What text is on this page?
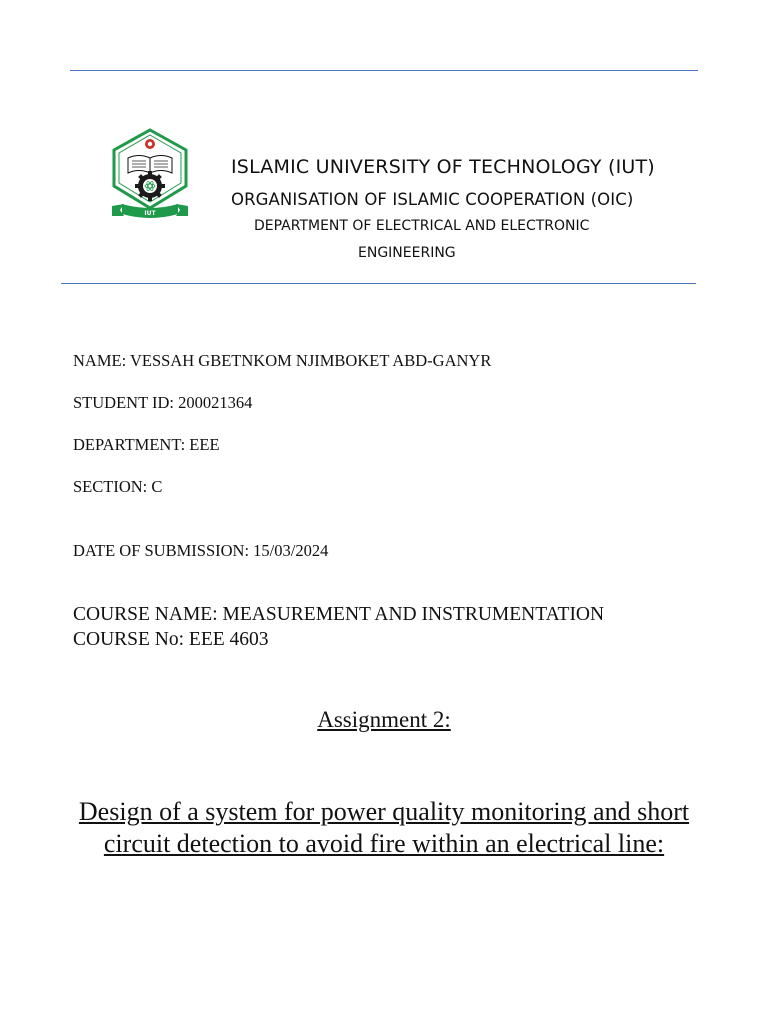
IUT
ISLAMIC UNIVERSITY OF TECHNOLOGY (IUT)
ORGANISATION OF ISLAMIC COOPERATION (OIC)
DEPARTMENT OF ELECTRICAL AND ELECTRONIC
ENGINEERING
NAME: VESSAH GBETNKOM NJIMBOKET ABD-GANYR
STUDENT ID: 200021364
DEPARTMENT: EEE
SECTION: C
DATE OF SUBMISSION: 15/03/2024
COURSE NAME: MEASUREMENT AND INSTRUMENTATION
COURSE No: EEE 4603
Assignment 2:
Design of a system for power quality monitoring and short circuit detection to avoid fire within an electrical line:
